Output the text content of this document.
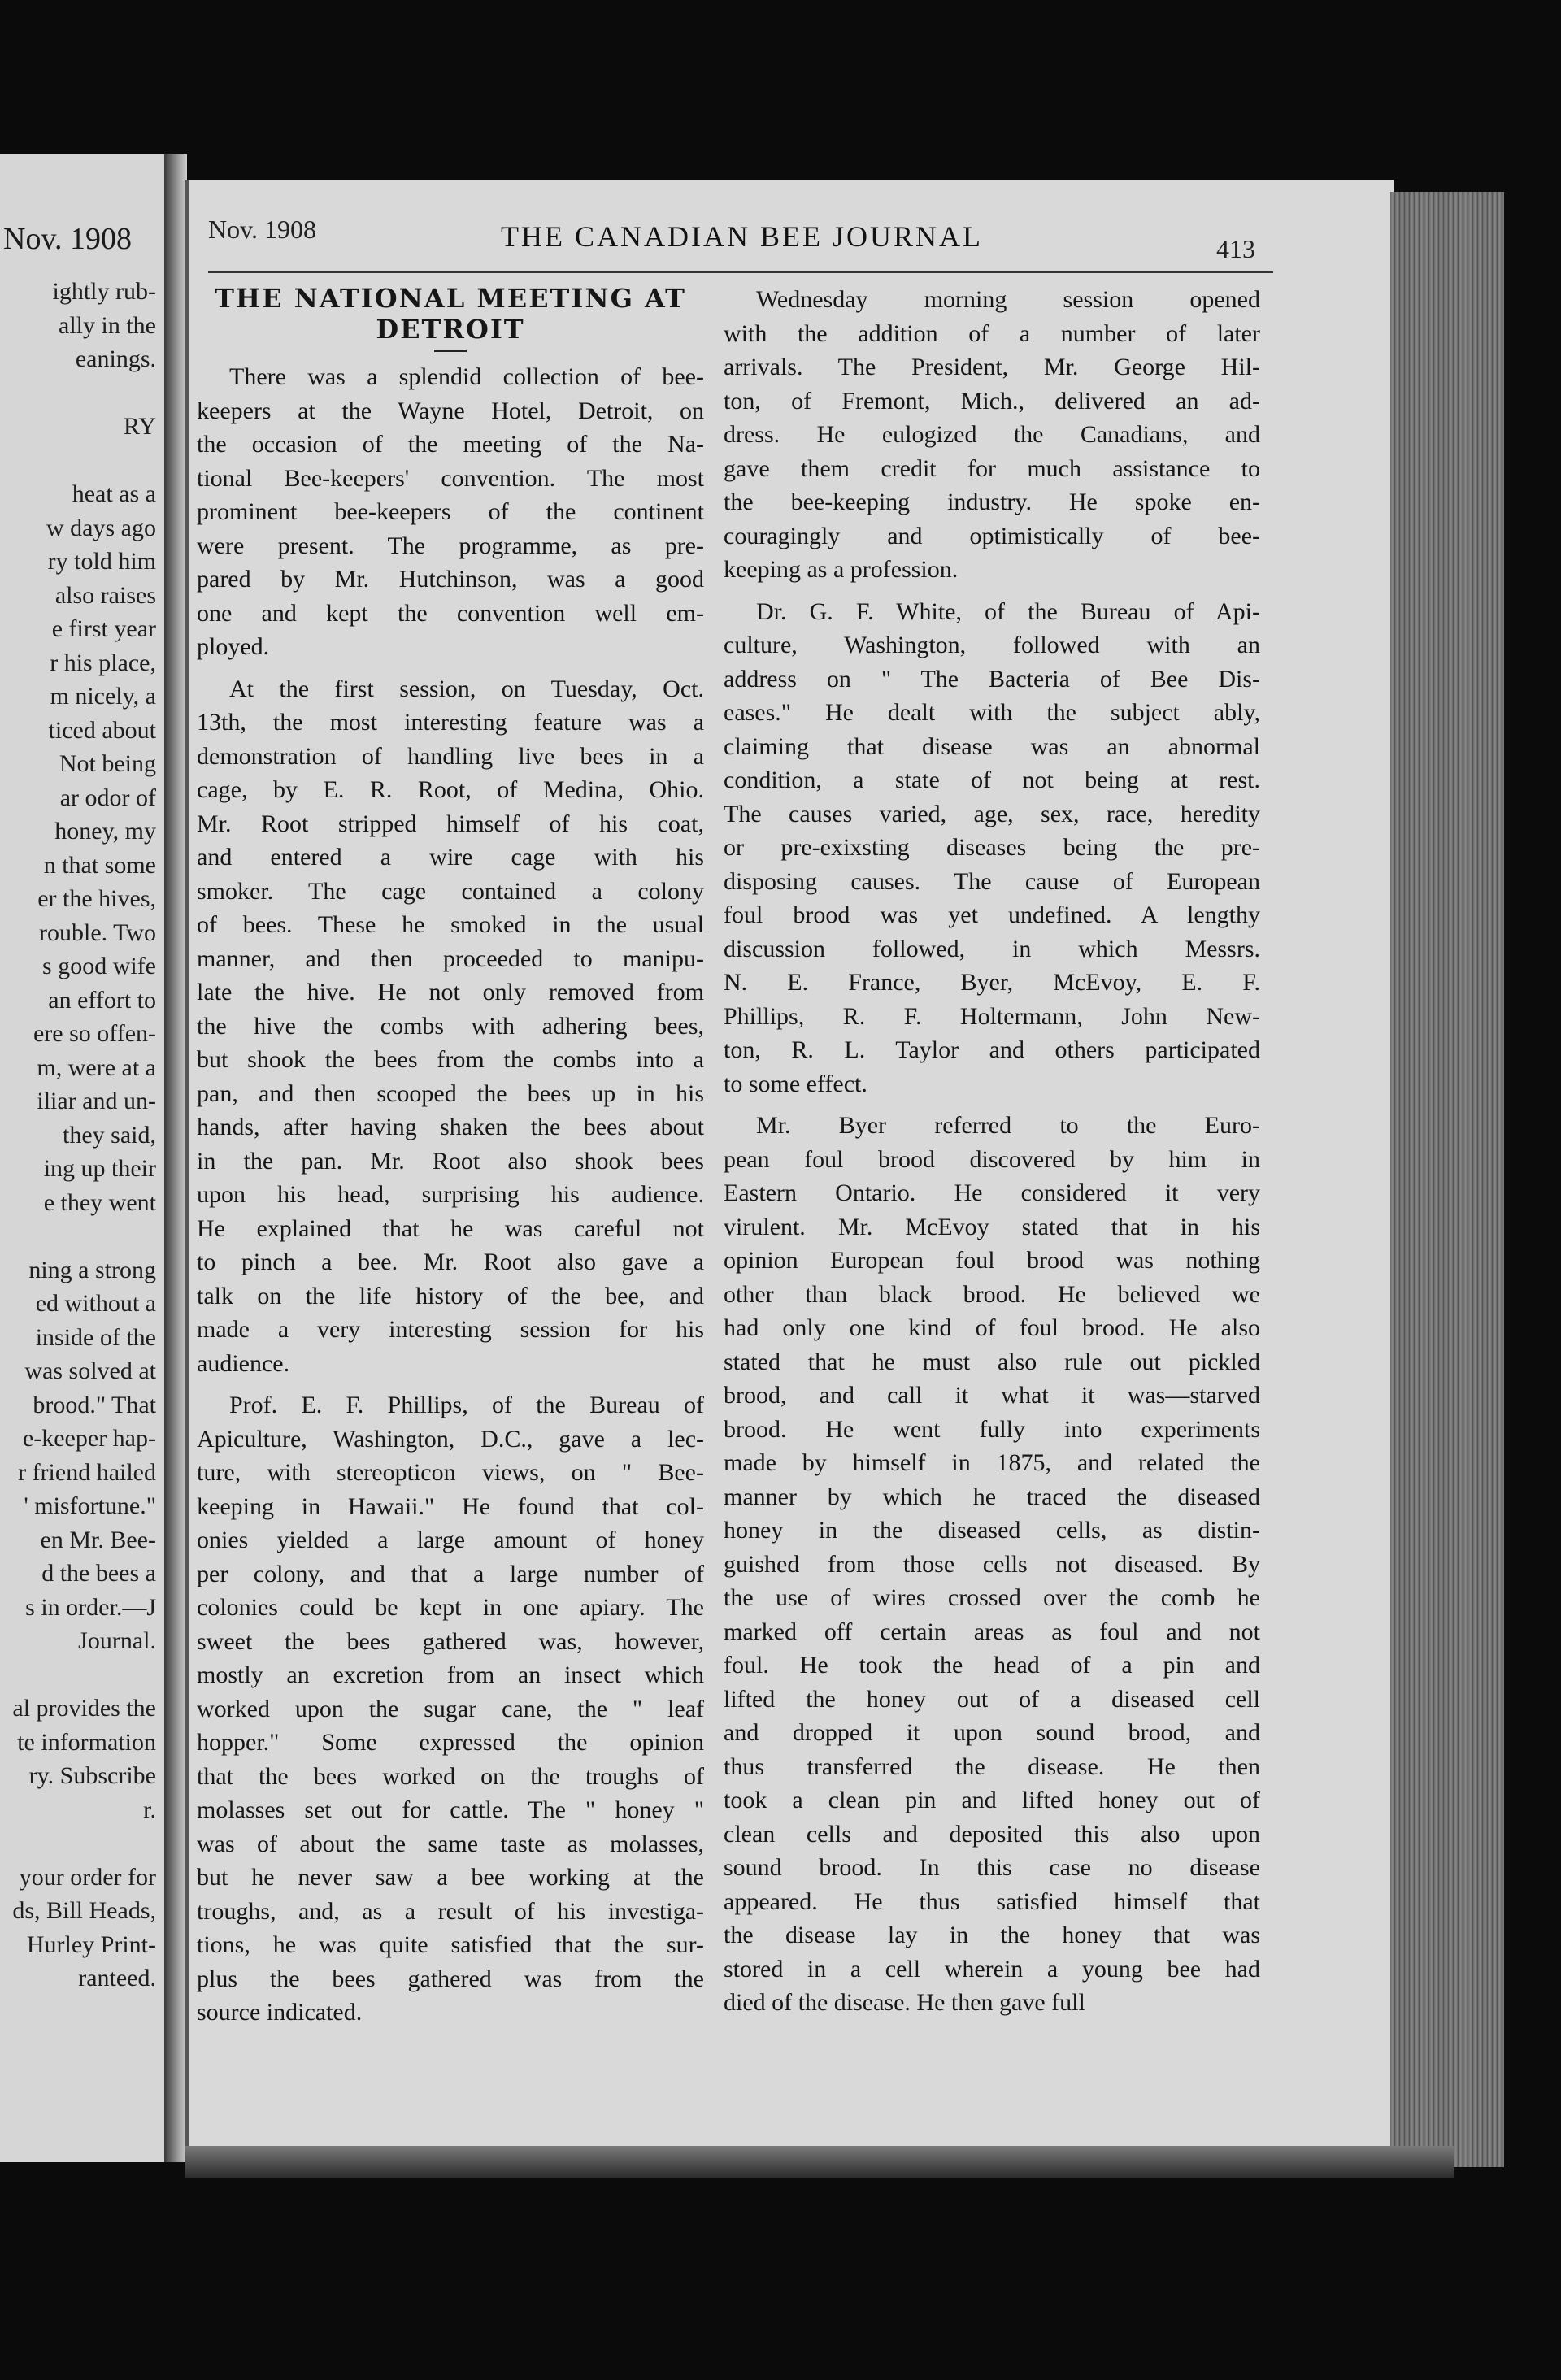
Nov. 1908
ightly rub-
ally in the
eanings.
RY
heat as a
w days ago
ry told him
also raises
e first year
r his place,
m nicely, a
ticed about
Not being
ar odor of
honey, my
n that some
er the hives,
rouble. Two
s good wife
an effort to
ere so offen-
m, were at a
iliar and un-
they said,
ing up their
e they went
ning a strong
ed without a
inside of the
was solved at
brood." That
e-keeper hap-
r friend hailed
' misfortune."
en Mr. Bee-
d the bees a
s in order.—J
Journal.
al provides the
te information
ry. Subscribe
r.
your order for
ds, Bill Heads,
Hurley Print-
ranteed.
Nov. 1908	THE CANADIAN BEE JOURNAL	413
THE NATIONAL MEETING AT
DETROIT
There was a splendid collection of bee-
keepers at the Wayne Hotel, Detroit, on
the occasion of the meeting of the Na-
tional Bee-keepers' convention. The most
prominent bee-keepers of the continent
were present. The programme, as pre-
pared by Mr. Hutchinson, was a good
one and kept the convention well em-
ployed.
At the first session, on Tuesday, Oct.
13th, the most interesting feature was a
demonstration of handling live bees in a
cage, by E. R. Root, of Medina, Ohio.
Mr. Root stripped himself of his coat,
and entered a wire cage with his
smoker. The cage contained a colony
of bees. These he smoked in the usual
manner, and then proceeded to manipu-
late the hive. He not only removed from
the hive the combs with adhering bees,
but shook the bees from the combs into a
pan, and then scooped the bees up in his
hands, after having shaken the bees about
in the pan. Mr. Root also shook bees
upon his head, surprising his audience.
He explained that he was careful not
to pinch a bee. Mr. Root also gave a
talk on the life history of the bee, and
made a very interesting session for his
audience.
Prof. E. F. Phillips, of the Bureau of
Apiculture, Washington, D.C., gave a lec-
ture, with stereopticon views, on " Bee-
keeping in Hawaii." He found that col-
onies yielded a large amount of honey
per colony, and that a large number of
colonies could be kept in one apiary. The
sweet the bees gathered was, however,
mostly an excretion from an insect which
worked upon the sugar cane, the " leaf
hopper." Some expressed the opinion
that the bees worked on the troughs of
molasses set out for cattle. The " honey "
was of about the same taste as molasses,
but he never saw a bee working at the
troughs, and, as a result of his investiga-
tions, he was quite satisfied that the sur-
plus the bees gathered was from the
source indicated.
Wednesday morning session opened
with the addition of a number of later
arrivals. The President, Mr. George Hil-
ton, of Fremont, Mich., delivered an ad-
dress. He eulogized the Canadians, and
gave them credit for much assistance to
the bee-keeping industry. He spoke en-
couragingly and optimistically of bee-
keeping as a profession.
Dr. G. F. White, of the Bureau of Api-
culture, Washington, followed with an
address on " The Bacteria of Bee Dis-
eases." He dealt with the subject ably,
claiming that disease was an abnormal
condition, a state of not being at rest.
The causes varied, age, sex, race, heredity
or pre-exixsting diseases being the pre-
disposing causes. The cause of European
foul brood was yet undefined. A lengthy
discussion followed, in which Messrs.
N. E. France, Byer, McEvoy, E. F.
Phillips, R. F. Holtermann, John New-
ton, R. L. Taylor and others participated
to some effect.
Mr. Byer referred to the Euro-
pean foul brood discovered by him in
Eastern Ontario. He considered it very
virulent. Mr. McEvoy stated that in his
opinion European foul brood was nothing
other than black brood. He believed we
had only one kind of foul brood. He also
stated that he must also rule out pickled
brood, and call it what it was—starved
brood. He went fully into experiments
made by himself in 1875, and related the
manner by which he traced the diseased
honey in the diseased cells, as distin-
guished from those cells not diseased. By
the use of wires crossed over the comb he
marked off certain areas as foul and not
foul. He took the head of a pin and
lifted the honey out of a diseased cell
and dropped it upon sound brood, and
thus transferred the disease. He then
took a clean pin and lifted honey out of
clean cells and deposited this also upon
sound brood. In this case no disease
appeared. He thus satisfied himself that
the disease lay in the honey that was
stored in a cell wherein a young bee had
died of the disease. He then gave full
